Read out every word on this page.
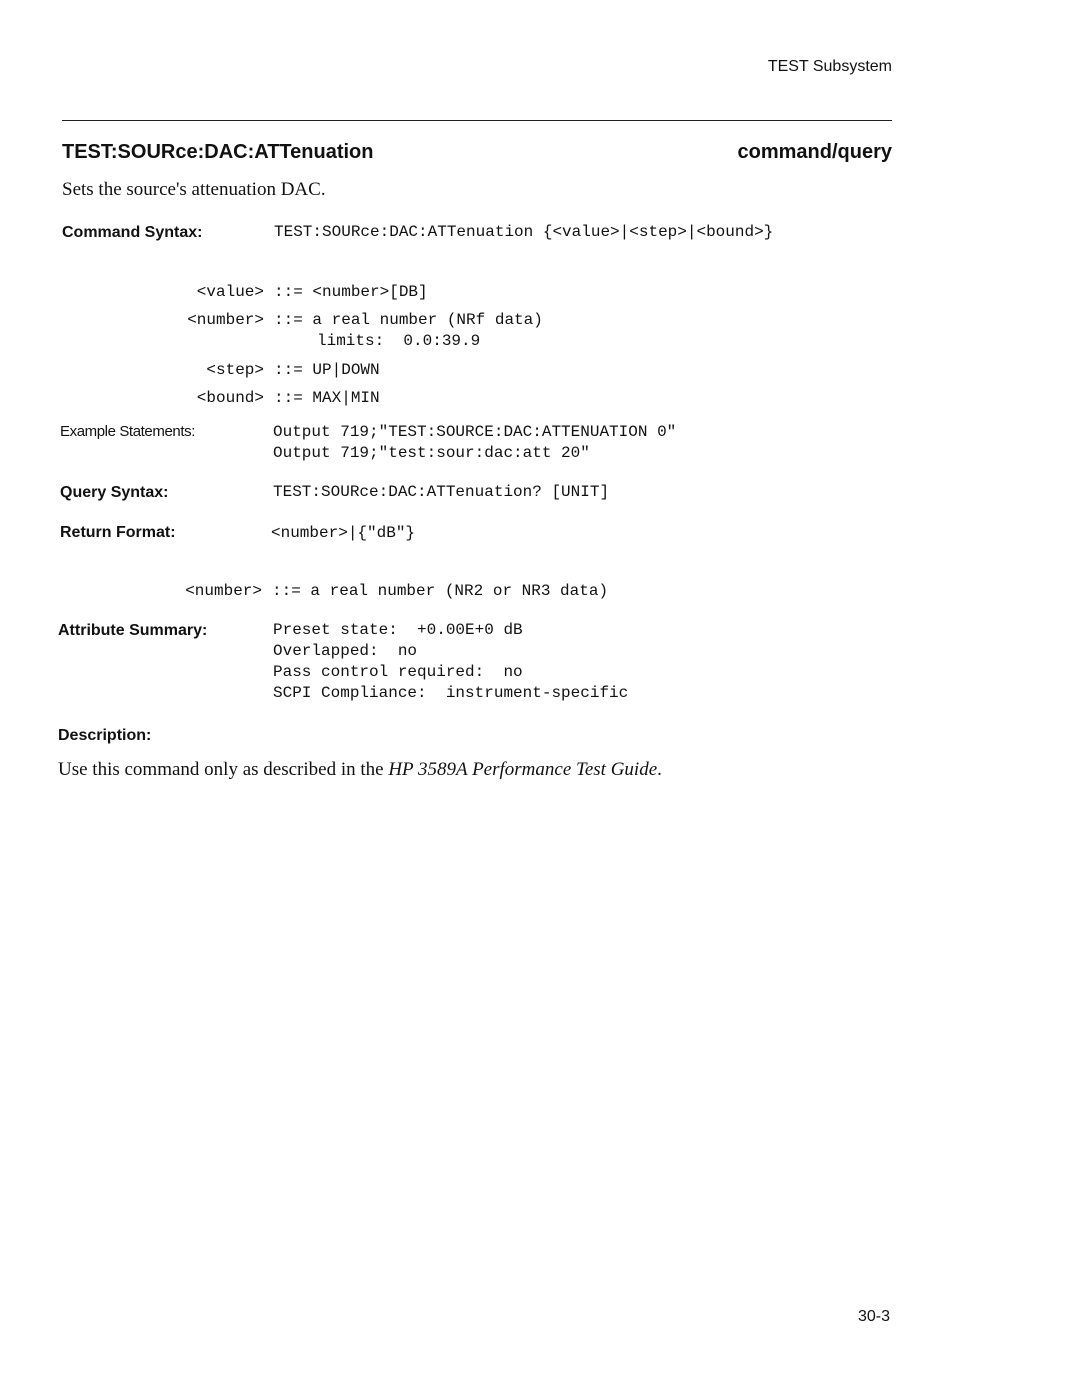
TEST Subsystem
TEST:SOURce:DAC:ATTenuation	command/query
Sets the source's attenuation DAC.
Command Syntax:	TEST:SOURce:DAC:ATTenuation {<value>|<step>|<bound>}
<value> ::= <number>[DB]
<number> ::= a real number (NRf data)
limits:  0.0:39.9
<step> ::= UP|DOWN
<bound> ::= MAX|MIN
Example Statements:	Output 719;"TEST:SOURCE:DAC:ATTENUATION 0"
Output 719;"test:sour:dac:att 20"
Query Syntax:	TEST:SOURce:DAC:ATTenuation? [UNIT]
Return Format:	<number>|{"dB"}
<number> ::= a real number (NR2 or NR3 data)
Attribute Summary:	Preset state:  +0.00E+0 dB
Overlapped:  no
Pass control required:  no
SCPI Compliance:  instrument-specific
Description:
Use this command only as described in the HP 3589A Performance Test Guide.
30-3
